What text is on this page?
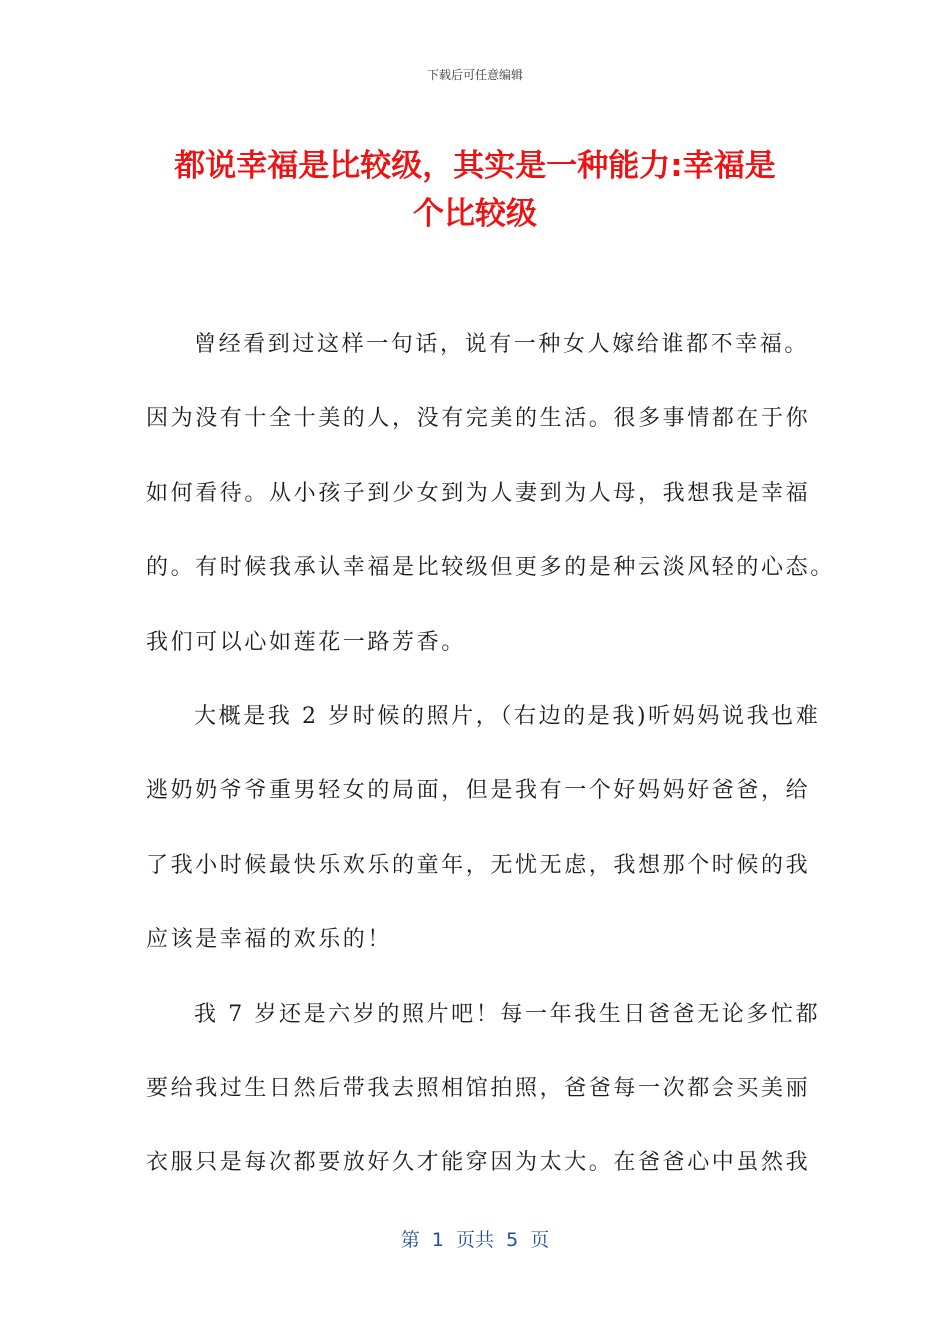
下载后可任意编辑
都说幸福是比较级，其实是一种能力:幸福是
个比较级
曾经看到过这样一句话，说有一种女人嫁给谁都不幸福。
因为没有十全十美的人，没有完美的生活。很多事情都在于你
如何看待。从小孩子到少女到为人妻到为人母，我想我是幸福
的。有时候我承认幸福是比较级但更多的是种云淡风轻的心态。
我们可以心如莲花一路芳香。
大概是我 2 岁时候的照片，（右边的是我)听妈妈说我也难
逃奶奶爷爷重男轻女的局面，但是我有一个好妈妈好爸爸，给
了我小时候最快乐欢乐的童年，无忧无虑，我想那个时候的我
应该是幸福的欢乐的！
我 7 岁还是六岁的照片吧！每一年我生日爸爸无论多忙都
要给我过生日然后带我去照相馆拍照，爸爸每一次都会买美丽
衣服只是每次都要放好久才能穿因为太大。在爸爸心中虽然我
第  1  页共  5  页
